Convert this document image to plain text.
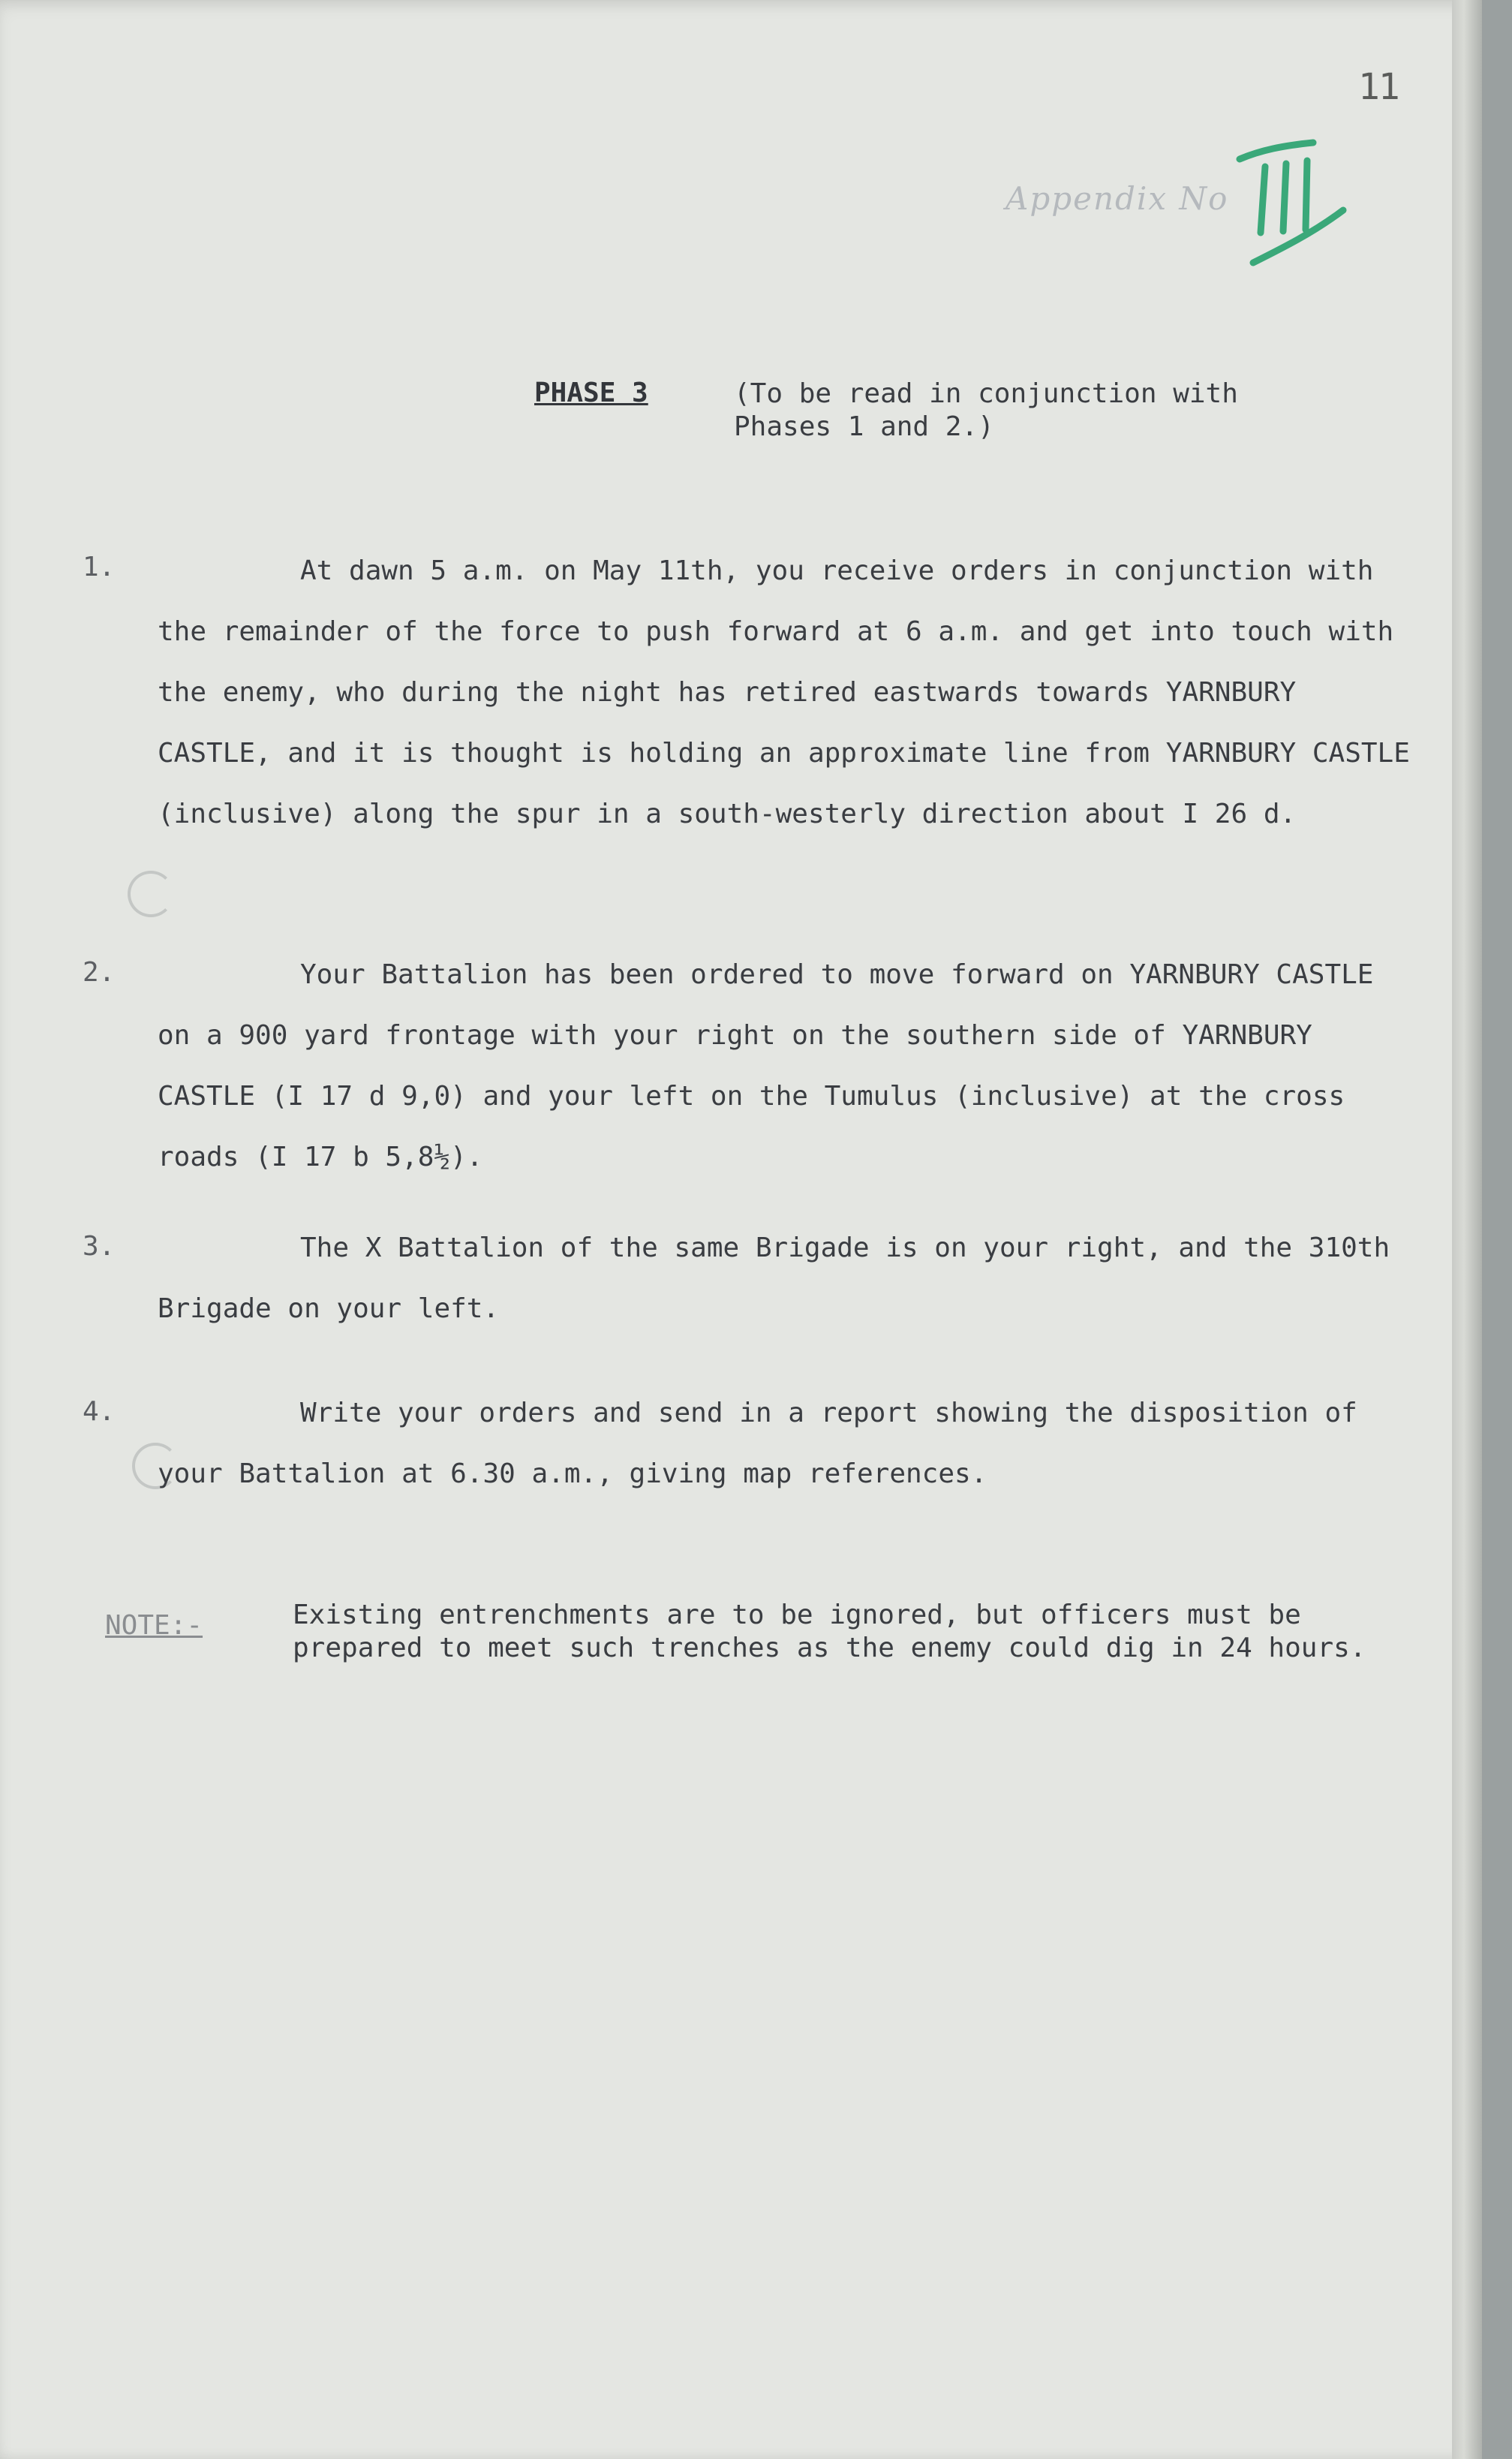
11
Appendix No
PHASE 3	(To be read in conjunction with
Phases 1 and 2.)
1.	At dawn 5 a.m. on May 11th, you receive orders in conjunction with the remainder of the force to push forward at 6 a.m. and get into touch with the enemy, who during the night has retired eastwards towards YARNBURY CASTLE, and it is thought is holding an approximate line from YARNBURY CASTLE (inclusive) along the spur in a south-westerly direction about I 26 d.
2.	Your Battalion has been ordered to move forward on YARNBURY CASTLE on a 900 yard frontage with your right on the southern side of YARNBURY CASTLE (I 17 d 9,0) and your left on the Tumulus (inclusive) at the cross roads (I 17 b 5,8½).
3.	The X Battalion of the same Brigade is on your right, and the 310th Brigade on your left.
4.	Write your orders and send in a report showing the disposition of your Battalion at 6.30 a.m., giving map references.
NOTE:-	Existing entrenchments are to be ignored, but officers must be prepared to meet such trenches as the enemy could dig in 24 hours.
